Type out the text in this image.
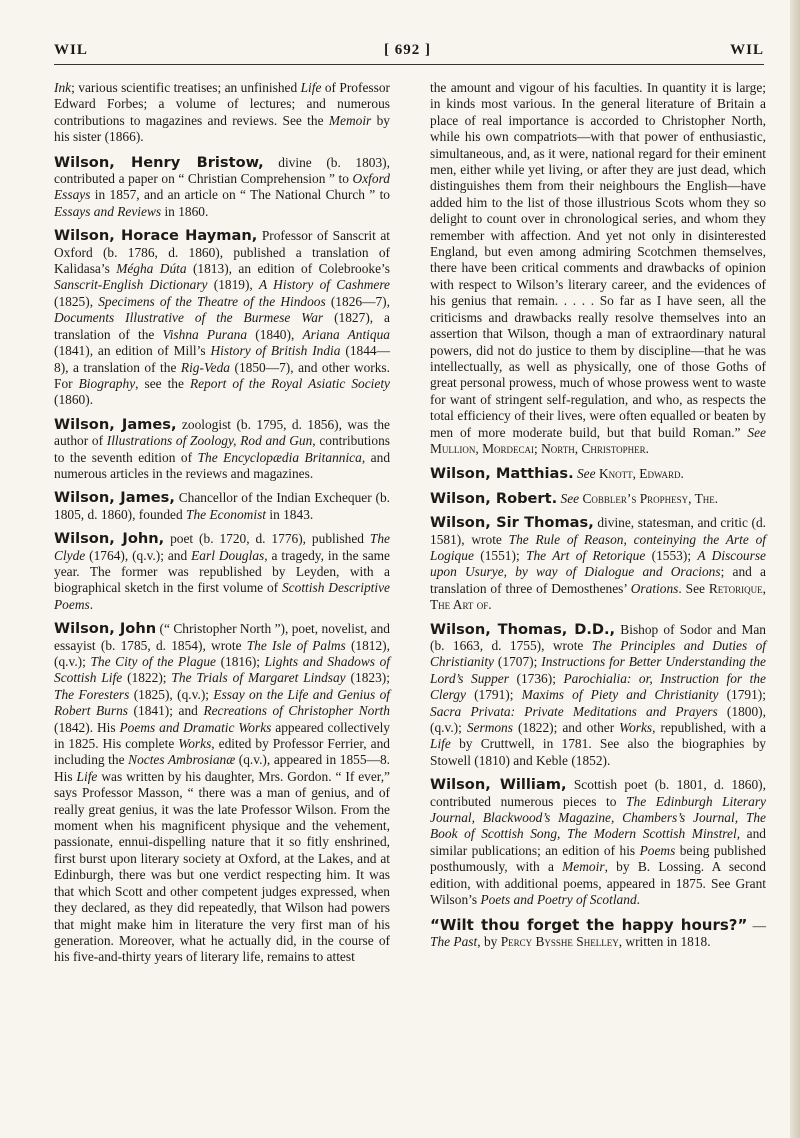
WIL	[ 692 ]	WIL

Ink; various scientific treatises; an unfinished Life of Professor Edward Forbes; a volume of lectures; and numerous contributions to magazines and reviews. See the Memoir by his sister (1866).

Wilson, Henry Bristow, divine (b. 1803), contributed a paper on “ Christian Comprehension ” to Oxford Essays in 1857, and an article on “ The National Church ” to Essays and Reviews in 1860.

Wilson, Horace Hayman, Professor of Sanscrit at Oxford (b. 1786, d. 1860), published a translation of Kalidasa’s Mégha Dúta (1813), an edition of Colebrooke’s Sanscrit-English Dictionary (1819), A History of Cashmere (1825), Specimens of the Theatre of the Hindoos (1826—7), Documents Illustrative of the Burmese War (1827), a translation of the Vishna Purana (1840), Ariana Antiqua (1841), an edition of Mill’s History of British India (1844—8), a translation of the Rig-Veda (1850—7), and other works. For Biography, see the Report of the Royal Asiatic Society (1860).

Wilson, James, zoologist (b. 1795, d. 1856), was the author of Illustrations of Zoology, Rod and Gun, contributions to the seventh edition of The Encyclopædia Britannica, and numerous articles in the reviews and magazines.

Wilson, James, Chancellor of the Indian Exchequer (b. 1805, d. 1860), founded The Economist in 1843.

Wilson, John, poet (b. 1720, d. 1776), published The Clyde (1764), (q.v.); and Earl Douglas, a tragedy, in the same year. The former was republished by Leyden, with a biographical sketch in the first volume of Scottish Descriptive Poems.

Wilson, John (“ Christopher North ”), poet, novelist, and essayist (b. 1785, d. 1854), wrote The Isle of Palms (1812), (q.v.); The City of the Plague (1816); Lights and Shadows of Scottish Life (1822); The Trials of Margaret Lindsay (1823); The Foresters (1825), (q.v.); Essay on the Life and Genius of Robert Burns (1841); and Recreations of Christopher North (1842). His Poems and Dramatic Works appeared collectively in 1825. His complete Works, edited by Professor Ferrier, and including the Noctes Ambrosianæ (q.v.), appeared in 1855—8. His Life was written by his daughter, Mrs. Gordon. “ If ever,” says Professor Masson, “ there was a man of genius, and of really great genius, it was the late Professor Wilson. From the moment when his magnificent physique and the vehement, passionate, ennui-dispelling nature that it so fitly enshrined, first burst upon literary society at Oxford, at the Lakes, and at Edinburgh, there was but one verdict respecting him. It was that which Scott and other competent judges expressed, when they declared, as they did repeatedly, that Wilson had powers that might make him in literature the very first man of his generation. Moreover, what he actually did, in the course of his five-and-thirty years of literary life, remains to attest

the amount and vigour of his faculties. In quantity it is large; in kinds most various. In the general literature of Britain a place of real importance is accorded to Christopher North, while his own compatriots—with that power of enthusiastic, simultaneous, and, as it were, national regard for their eminent men, either while yet living, or after they are just dead, which distinguishes them from their neighbours the English—have added him to the list of those illustrious Scots whom they so delight to count over in chronological series, and whom they remember with affection. And yet not only in disinterested England, but even among admiring Scotchmen themselves, there have been critical comments and drawbacks of opinion with respect to Wilson’s literary career, and the evidences of his genius that remain. . . . . So far as I have seen, all the criticisms and drawbacks really resolve themselves into an assertion that Wilson, though a man of extraordinary natural powers, did not do justice to them by discipline—that he was intellectually, as well as physically, one of those Goths of great personal prowess, much of whose prowess went to waste for want of stringent self-regulation, and who, as respects the total efficiency of their lives, were often equalled or beaten by men of more moderate build, but that build Roman.” See Mullion, Mordecai; North, Christopher.

Wilson, Matthias. See Knott, Edward.

Wilson, Robert. See Cobbler’s Prophesy, The.

Wilson, Sir Thomas, divine, statesman, and critic (d. 1581), wrote The Rule of Reason, conteinying the Arte of Logique (1551); The Art of Retorique (1553); A Discourse upon Usurye, by way of Dialogue and Oracions; and a translation of three of Demosthenes’ Orations. See Retorique, The Art of.

Wilson, Thomas, D.D., Bishop of Sodor and Man (b. 1663, d. 1755), wrote The Principles and Duties of Christianity (1707); Instructions for Better Understanding the Lord’s Supper (1736); Parochialia: or, Instruction for the Clergy (1791); Maxims of Piety and Christianity (1791); Sacra Privata: Private Meditations and Prayers (1800), (q.v.); Sermons (1822); and other Works, republished, with a Life by Cruttwell, in 1781. See also the biographies by Stowell (1810) and Keble (1852).

Wilson, William, Scottish poet (b. 1801, d. 1860), contributed numerous pieces to The Edinburgh Literary Journal, Blackwood’s Magazine, Chambers’s Journal, The Book of Scottish Song, The Modern Scottish Minstrel, and similar publications; an edition of his Poems being published posthumously, with a Memoir, by B. Lossing. A second edition, with additional poems, appeared in 1875. See Grant Wilson’s Poets and Poetry of Scotland.

“Wilt thou forget the happy hours?” —The Past, by Percy Bysshe Shelley, written in 1818.
